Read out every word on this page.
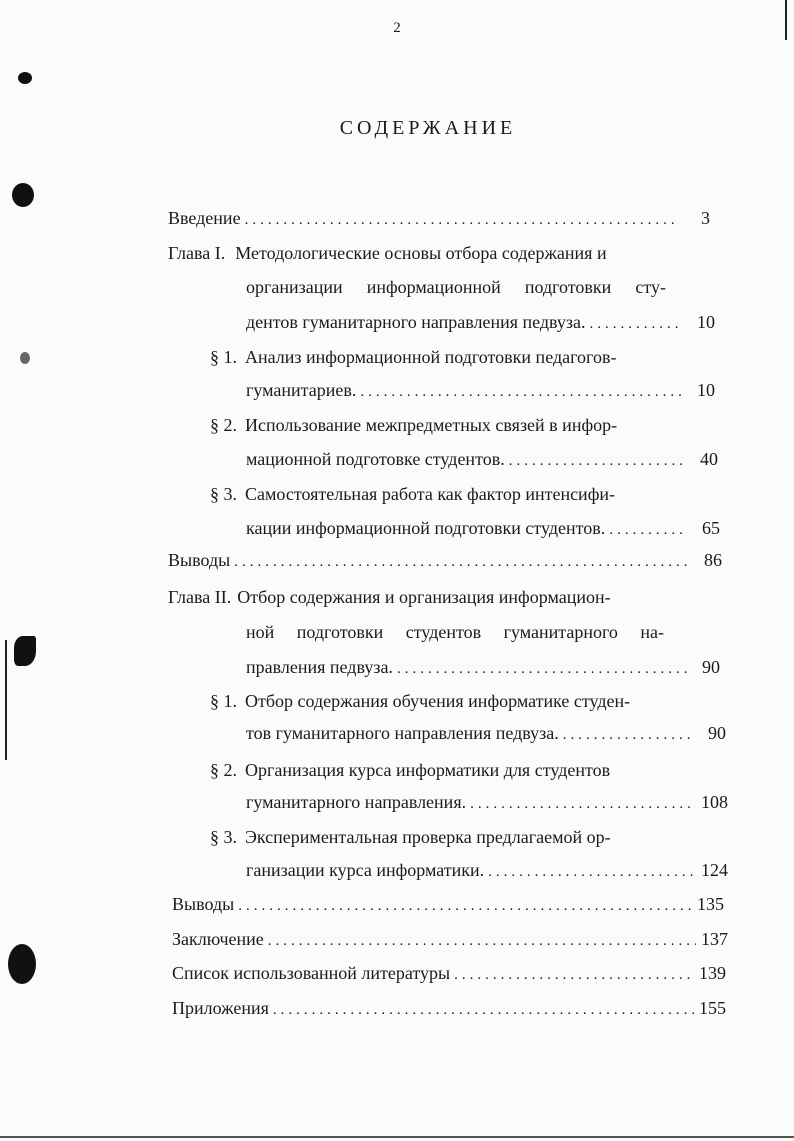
2
СОДЕРЖАНИЕ
Введение .....	3
Глава I. Методологические основы отбора содержания и
организации информационной подготовки сту-
дентов гуманитарного направления педвуза. .....	10
§ 1. Анализ информационной подготовки педагогов-
гуманитариев. .....	10
§ 2. Использование межпредметных связей в инфор-
мационной подготовке студентов. .....	40
§ 3. Самостоятельная работа как фактор интенсифи-
кации информационной подготовки студентов. .....	65
Выводы .....	86
Глава II. Отбор содержания и организация информацион-
ной подготовки студентов гуманитарного на-
правления педвуза. .....	90
§ 1. Отбор содержания обучения информатике студен-
тов гуманитарного направления педвуза. .....	90
§ 2. Организация курса информатики для студентов
гуманитарного направления. .....	108
§ 3. Экспериментальная проверка предлагаемой ор-
ганизации курса информатики. .....	124
Выводы .....	135
Заключение .....	137
Список использованной литературы .....	139
Приложения .....	155
